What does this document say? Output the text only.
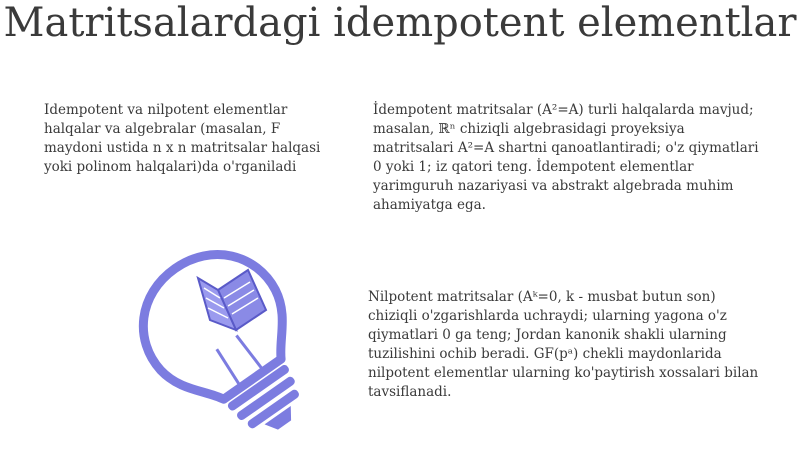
Matritsalardagi idempotent elementlar

Idempotent va nilpotent elementlar halqalar va algebralar (masalan, F maydoni ustida n x n matritsalar halqasi yoki polinom halqalari)da o'rganiladi

İdempotent matritsalar (A²=A) turli halqalarda mavjud; masalan, ℝⁿ chiziqli algebrasidagi proyeksiya matritsalari A²=A shartni qanoatlantiradi; o'z qiymatlari 0 yoki 1; iz qatori teng. İdempotent elementlar yarimguruh nazariyasi va abstrakt algebrada muhim ahamiyatga ega.

Nilpotent matritsalar (Aᵏ=0, k - musbat butun son) chiziqli o'zgarishlarda uchraydi; ularning yagona o'z qiymatlari 0 ga teng; Jordan kanonik shakli ularning tuzilishini ochib beradi. GF(pᵃ) chekli maydonlarida nilpotent elementlar ularning ko'paytirish xossalari bilan tavsiflanadi.
